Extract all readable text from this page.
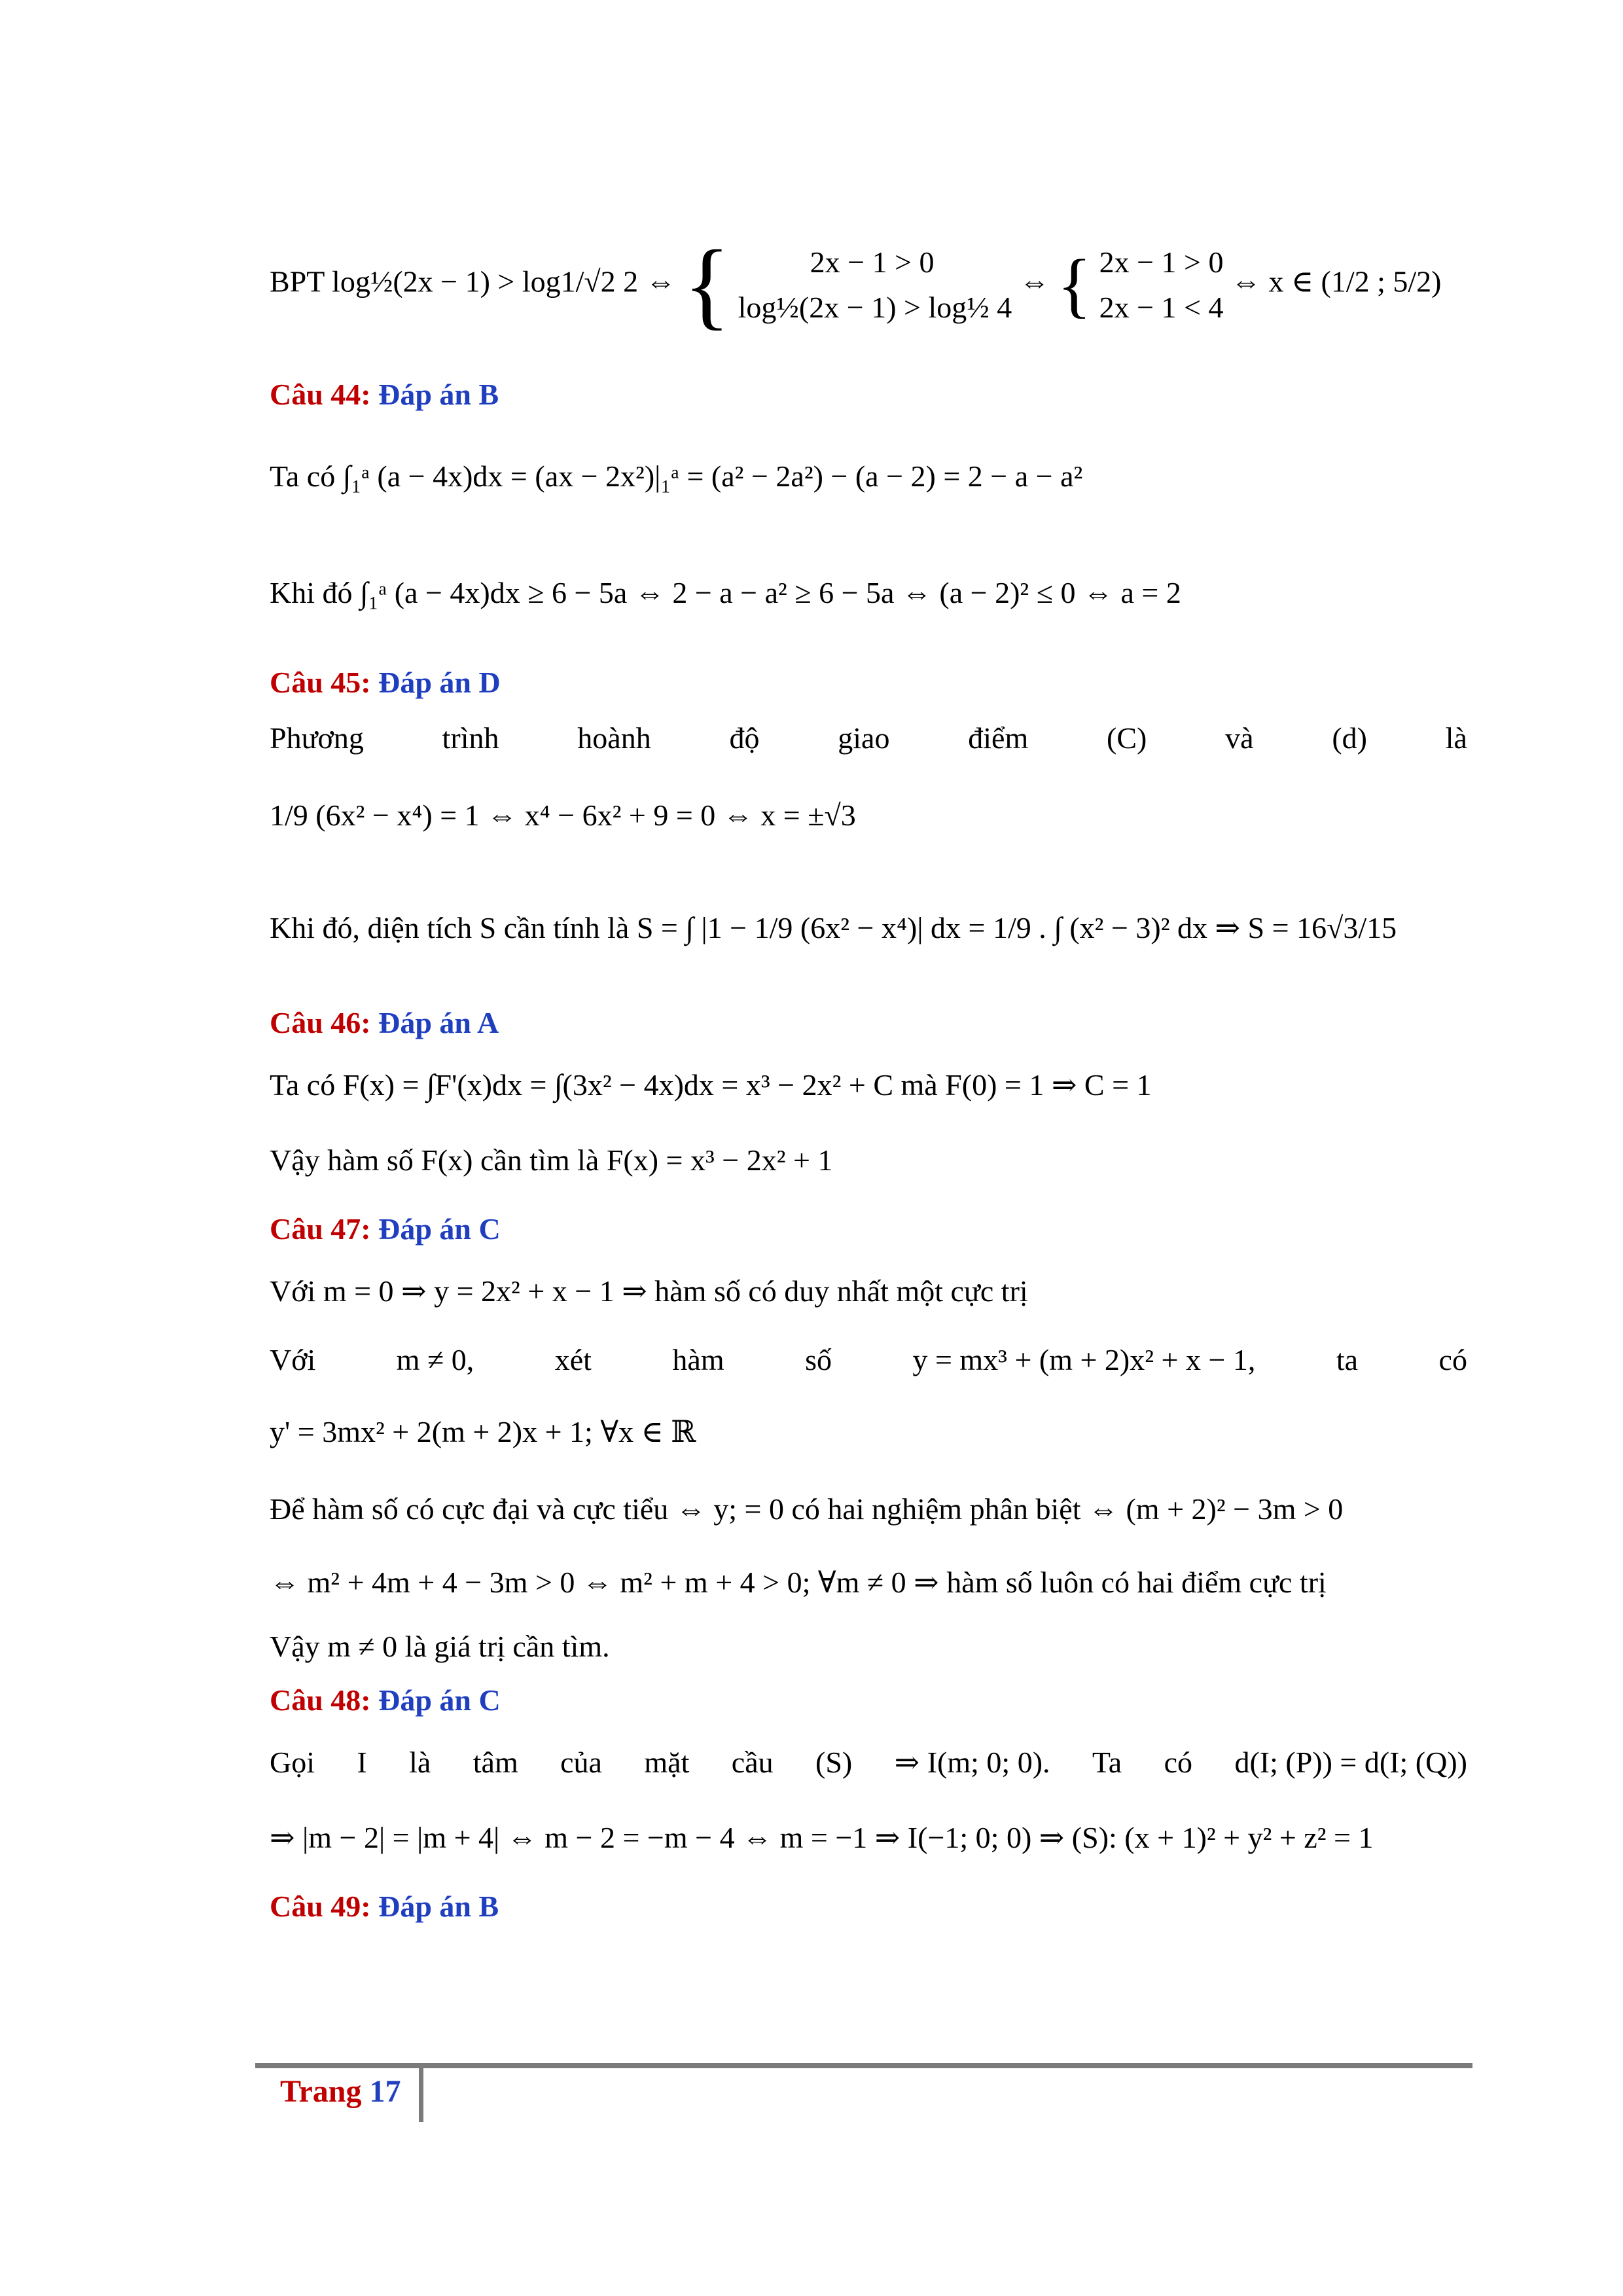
BPT log½(2x − 1) > log1/√2 2 ⇔ {	2x − 1 > 0
log½(2x − 1) > log½ 4
⇔ { 2x − 1 > 0
2x − 1 < 4
⇔ x ∈ (1/2 ; 5/2)
Câu 44: Đáp án B
Ta có ∫₁ᵃ (a − 4x)dx = (ax − 2x²)|₁ᵃ = (a² − 2a²) − (a − 2) = 2 − a − a²
Khi đó ∫₁ᵃ (a − 4x)dx ≥ 6 − 5a ⇔ 2 − a − a² ≥ 6 − 5a ⇔ (a − 2)² ≤ 0 ⇔ a = 2
Câu 45: Đáp án D
Phương	trình	hoành	độ	giao	điểm	(C)	và	(d)	là
1/9 (6x² − x⁴) = 1 ⇔ x⁴ − 6x² + 9 = 0 ⇔ x = ±√3
Khi đó, diện tích S cần tính là S = ∫ |1 − 1/9 (6x² − x⁴)| dx = 1/9 . ∫ (x² − 3)² dx ⇒ S = 16√3/15
Câu 46: Đáp án A
Ta có F(x) = ∫F'(x)dx = ∫(3x² − 4x)dx = x³ − 2x² + C mà F(0) = 1 ⇒ C = 1
Vậy hàm số F(x) cần tìm là F(x) = x³ − 2x² + 1
Câu 47: Đáp án C
Với m = 0 ⇒ y = 2x² + x − 1 ⇒ hàm số có duy nhất một cực trị
Với	m ≠ 0,	xét	hàm	số	y = mx³ + (m + 2)x² + x − 1,	ta	có
y' = 3mx² + 2(m + 2)x + 1; ∀x ∈ ℝ
Để hàm số có cực đại và cực tiểu ⇔ y; = 0 có hai nghiệm phân biệt ⇔ (m + 2)² − 3m > 0
⇔ m² + 4m + 4 − 3m > 0 ⇔ m² + m + 4 > 0; ∀m ≠ 0 ⇒ hàm số luôn có hai điểm cực trị
Vậy m ≠ 0 là giá trị cần tìm.
Câu 48: Đáp án C
Gọi I là tâm của mặt cầu (S) ⇒ I(m; 0; 0). Ta có d(I; (P)) = d(I; (Q))
⇒ |m − 2| = |m + 4| ⇔ m − 2 = −m − 4 ⇔ m = −1 ⇒ I(−1; 0; 0) ⇒ (S): (x + 1)² + y² + z² = 1
Câu 49: Đáp án B
Trang 17
